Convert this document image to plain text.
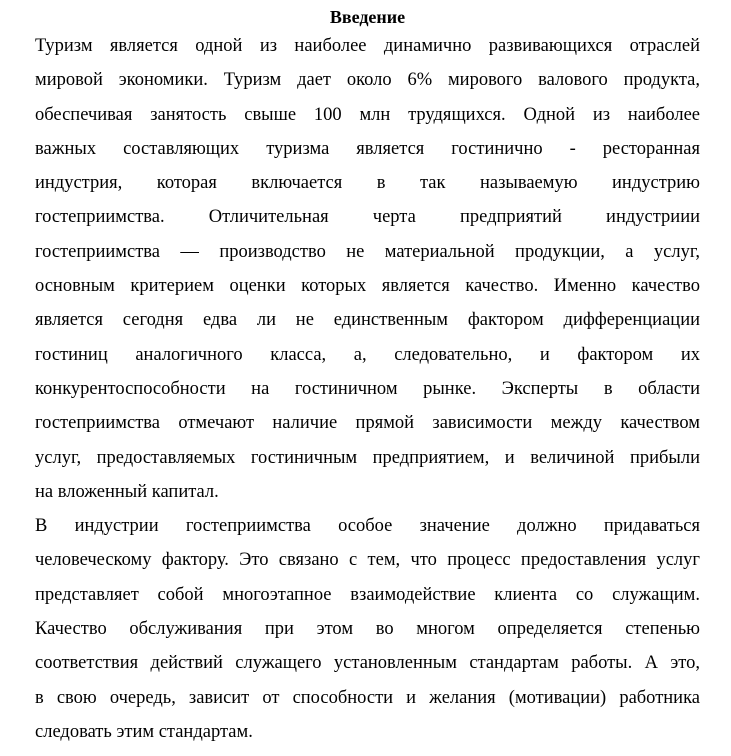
Введение
Туризм является одной из наиболее динамично развивающихся отраслей
мировой экономики. Туризм дает около 6% мирового валового продукта,
обеспечивая занятость свыше 100 млн трудящихся. Одной из наиболее
важных составляющих туризма является гостинично - ресторанная
индустрия, которая включается в так называемую индустрию
гостеприимства. Отличительная черта предприятий индустриии
гостеприимства — производство не материальной продукции, а услуг,
основным критерием оценки которых является качество. Именно качество
является сегодня едва ли не единственным фактором дифференциации
гостиниц аналогичного класса, а, следовательно, и фактором их
конкурентоспособности на гостиничном рынке. Эксперты в области
гостеприимства отмечают наличие прямой зависимости между качеством
услуг, предоставляемых гостиничным предприятием, и величиной прибыли
на вложенный капитал.
В индустрии гостеприимства особое значение должно придаваться
человеческому фактору. Это связано с тем, что процесс предоставления услуг
представляет собой многоэтапное взаимодействие клиента со служащим.
Качество обслуживания при этом во многом определяется степенью
соответствия действий служащего установленным стандартам работы. А это,
в свою очередь, зависит от способности и желания (мотивации) работника
следовать этим стандартам.
